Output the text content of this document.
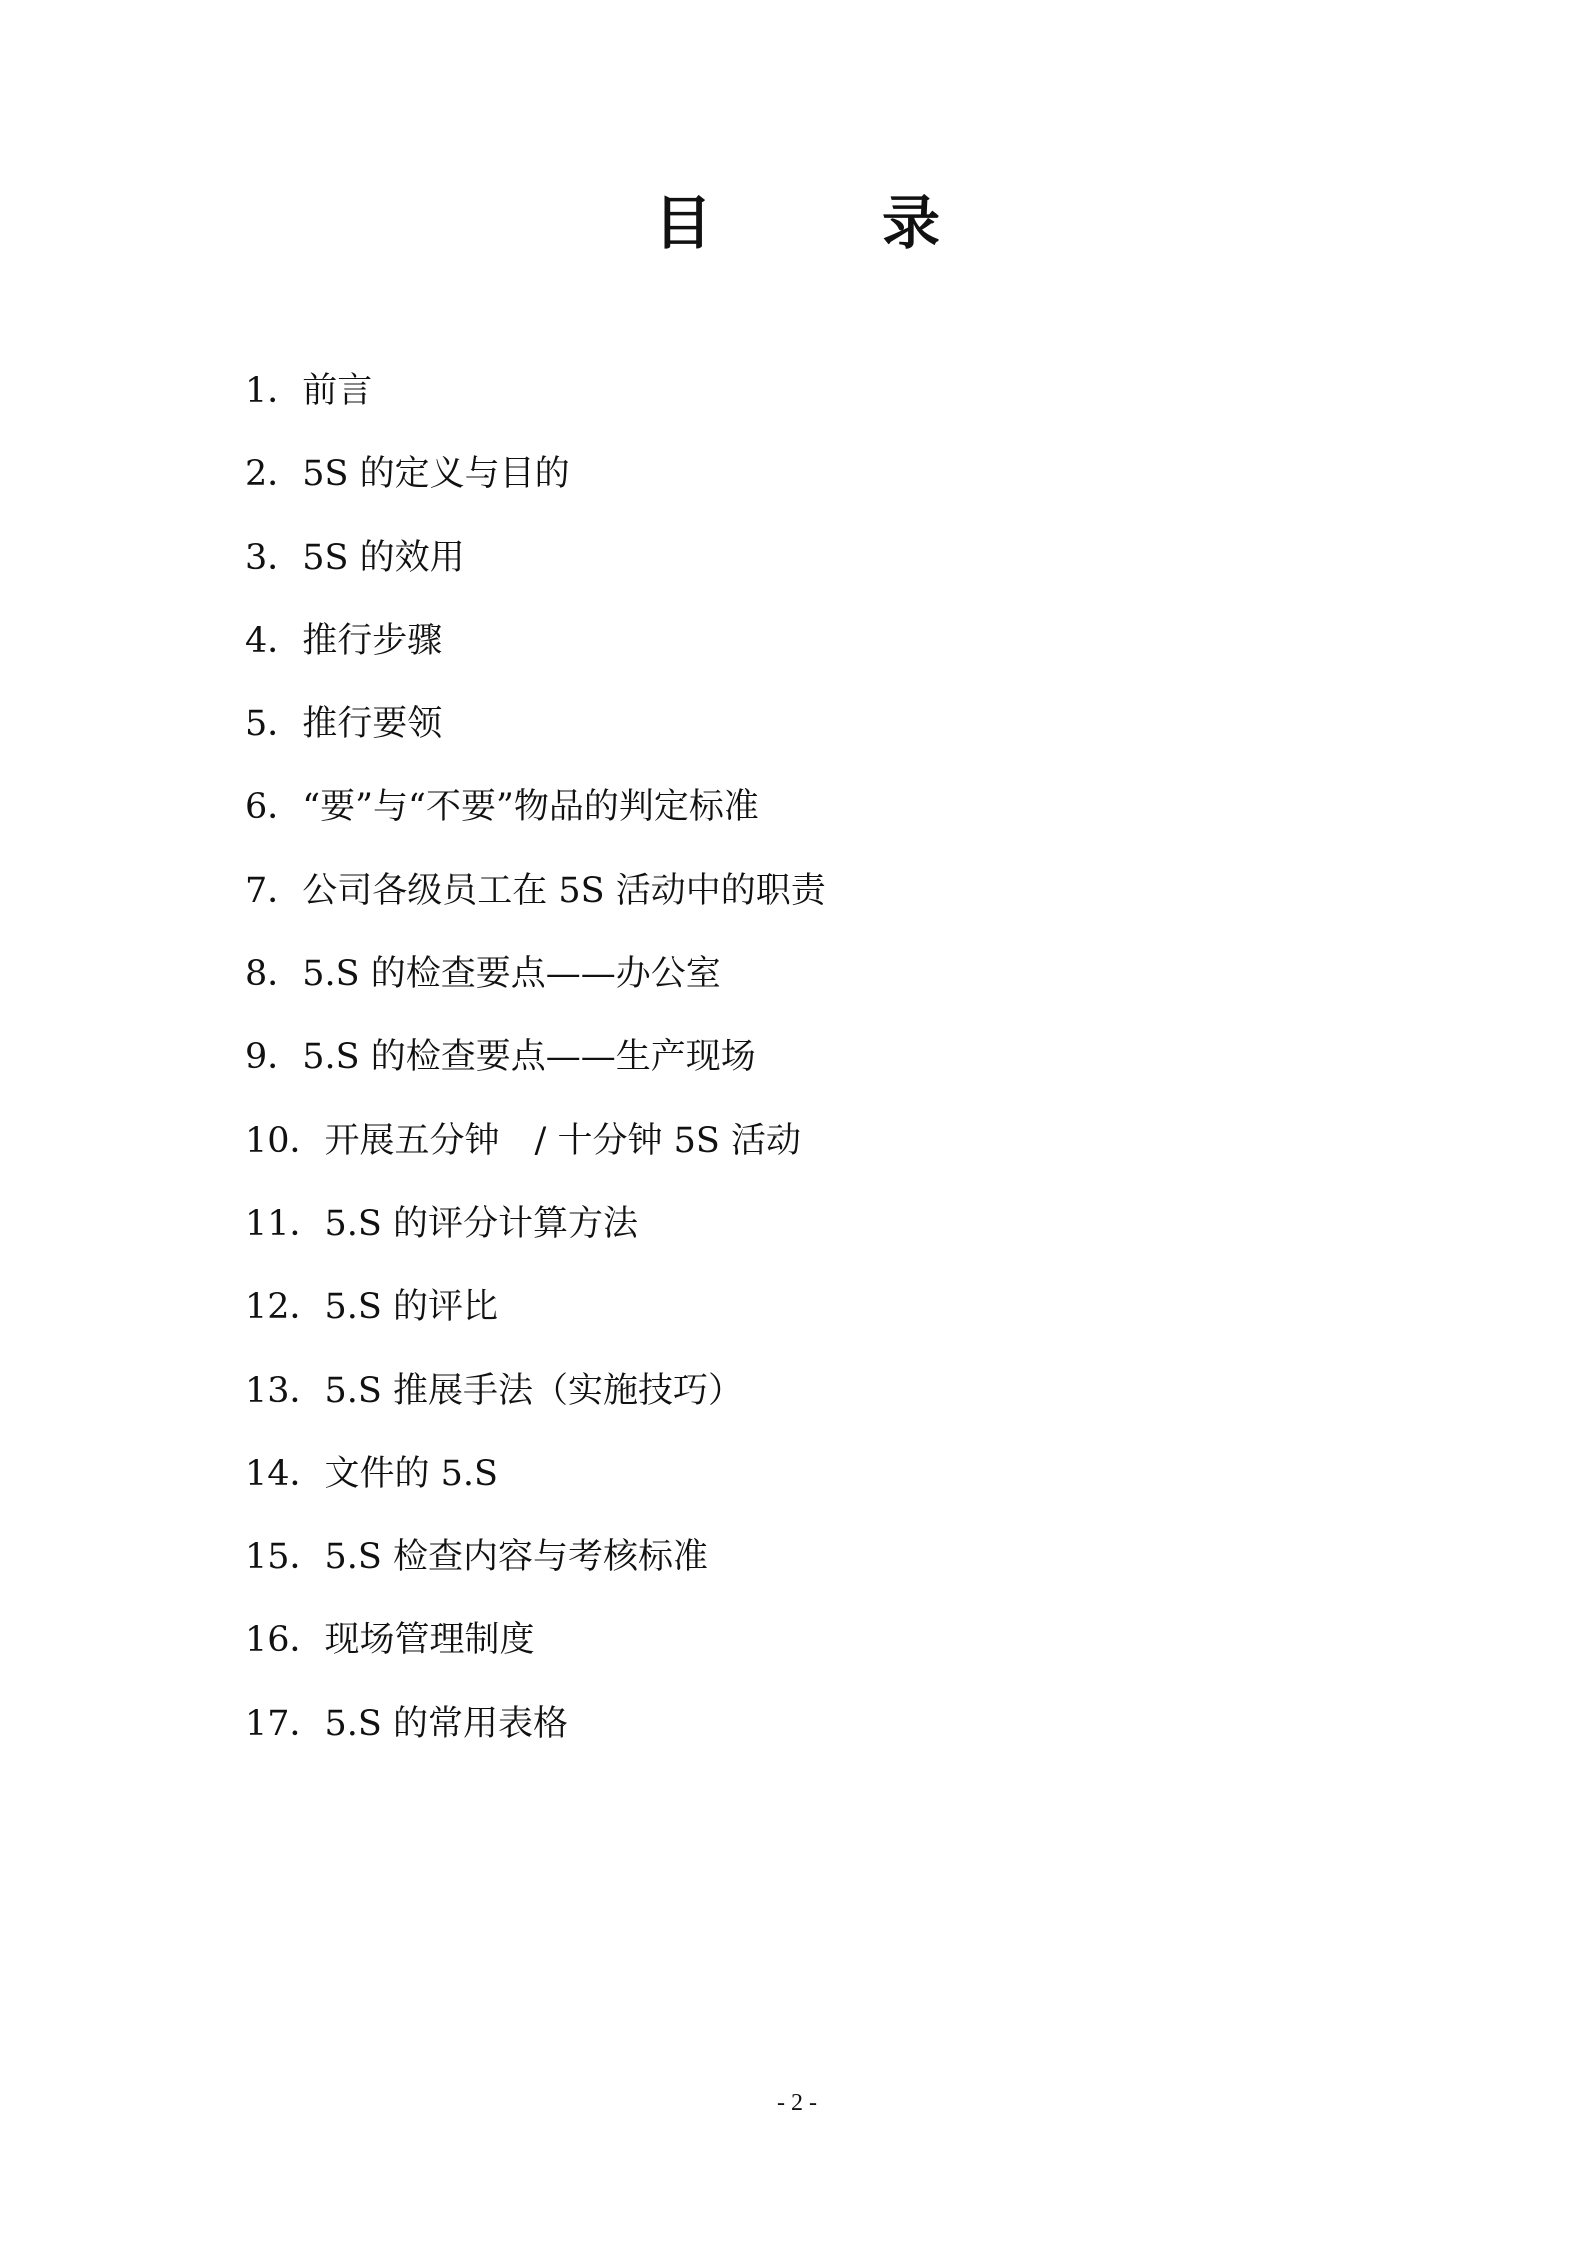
目　录
1．前言
2．5S 的定义与目的
3．5S 的效用
4．推行步骤
5．推行要领
6．“要”与“不要”物品的判定标准
7．公司各级员工在 5S 活动中的职责
8．5.S 的检查要点——办公室
9．5.S 的检查要点——生产现场
10．开展五分钟　/ 十分钟 5S 活动
11．5.S 的评分计算方法
12．5.S 的评比
13．5.S 推展手法（实施技巧）
14．文件的 5.S
15．5.S 检查内容与考核标准
16．现场管理制度
17．5.S 的常用表格
- 2 -
